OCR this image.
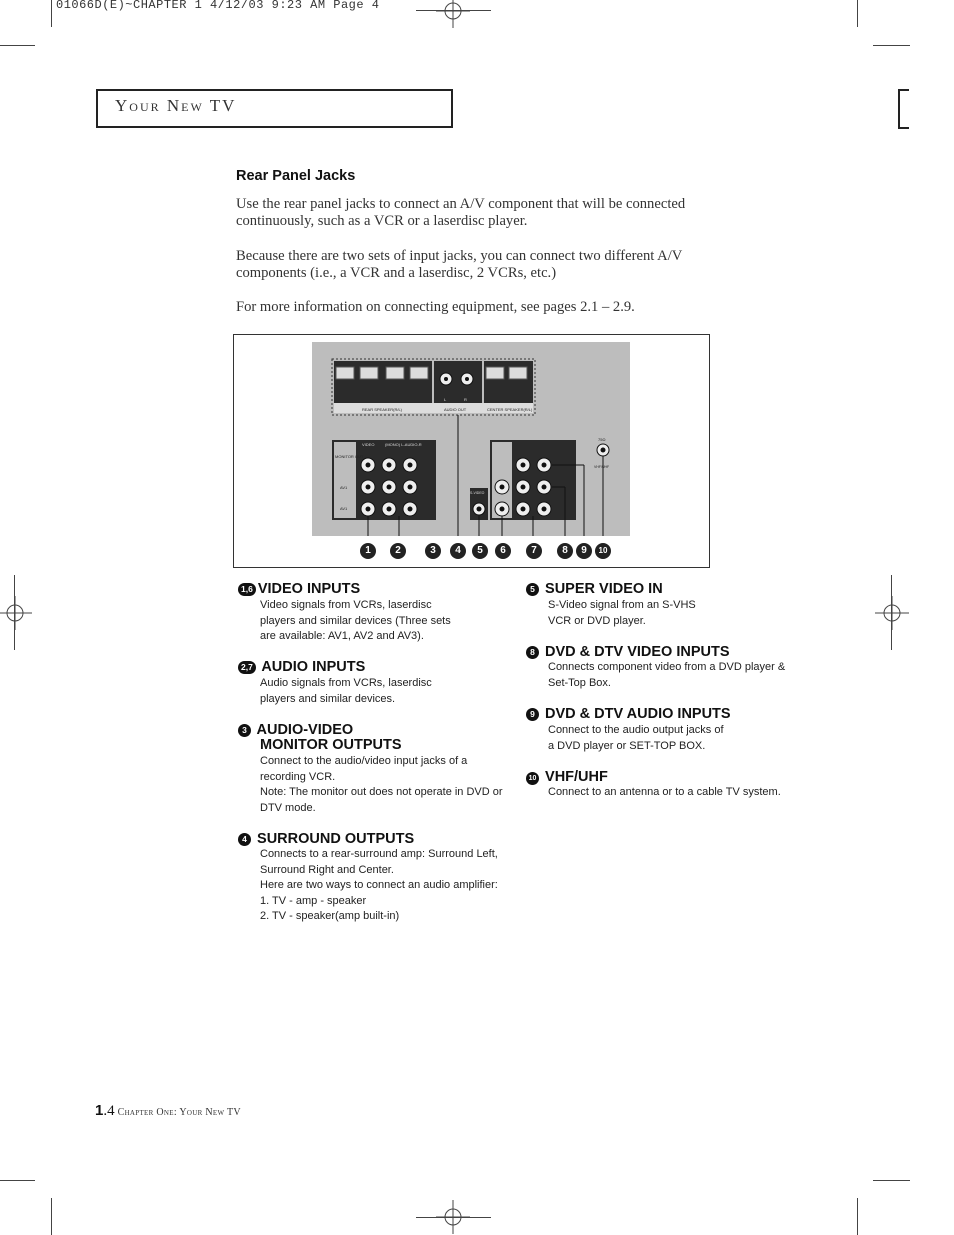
01066D(E)~CHAPTER 1 4/12/03 9:23 AM Page 4
Your New TV
Rear Panel Jacks
Use the rear panel jacks to connect an A/V component that will be connected continuously, such as a VCR or a laserdisc player.
Because there are two sets of input jacks, you can connect two different A/V components (i.e., a VCR and a laserdisc, 2 VCRs, etc.)
For more information on connecting equipment, see pages 2.1 – 2.9.
REAR SPEAKER(R/L)	AUDIO OUT	CENTER SPEAKER(R/L)
L	R
MONITOR OUT
AV1
AV1
VIDEO	(MONO) L-AUDIO-R
S-VIDEO
75Ω
VHF/UHF
1	2	3	4	5	6	7	8	9	10
1,6 VIDEO INPUTS
Video signals from VCRs, laserdisc
players and similar devices (Three sets
are available: AV1, AV2 and AV3).
2,7 AUDIO INPUTS
Audio signals from VCRs, laserdisc
players and similar devices.
3 AUDIO-VIDEO
MONITOR OUTPUTS
Connect to the audio/video input jacks of a
recording VCR.
Note: The monitor out does not operate in DVD or
DTV mode.
4 SURROUND OUTPUTS
Connects to a rear-surround amp: Surround Left,
Surround Right and Center.
Here are two ways to connect an audio amplifier:
1. TV - amp - speaker
2. TV - speaker(amp built-in)
5 SUPER VIDEO IN
S-Video signal from an S-VHS
VCR or DVD player.
8 DVD & DTV VIDEO INPUTS
Connects component video from a DVD player &
Set-Top Box.
9 DVD & DTV AUDIO INPUTS
Connect to the audio output jacks of
a DVD player or SET-TOP BOX.
10 VHF/UHF
Connect to an antenna or to a cable TV system.
1.4 Chapter One: Your New TV
